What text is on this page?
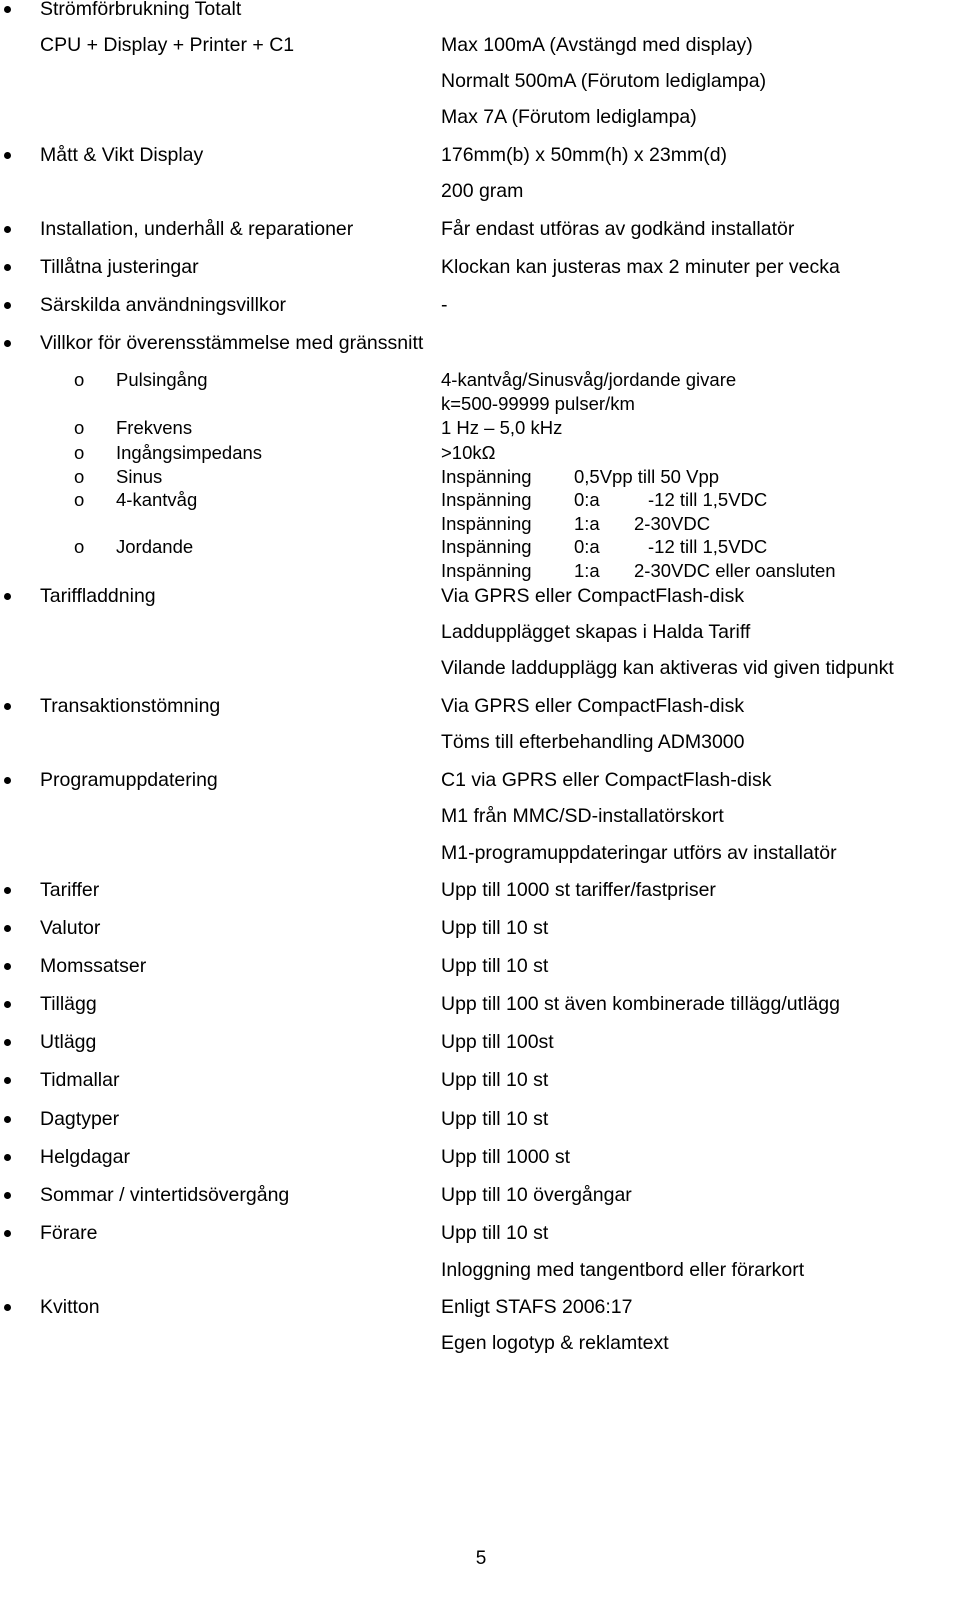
Strömförbrukning Totalt
CPU + Display + Printer + C1	Max 100mA (Avstängd med display)
Normalt 500mA (Förutom lediglampa)
Max 7A (Förutom lediglampa)
Mått & Vikt Display	176mm(b) x 50mm(h) x 23mm(d)
200 gram
Installation, underhåll & reparationer	Får endast utföras av godkänd installatör
Tillåtna justeringar	Klockan kan justeras max 2 minuter per vecka
Särskilda användningsvillkor	-
Villkor för överensstämmelse med gränssnitt
o Pulsingång	4-kantvåg/Sinusvåg/jordande givare
k=500-99999 pulser/km
o Frekvens	1 Hz – 5,0 kHz
o Ingångsimpedans	>10kΩ
o Sinus	Inspänning 0,5Vpp till 50 Vpp
o 4-kantvåg	Inspänning 0:a	-12 till 1,5VDC
Inspänning 1:a 2-30VDC
o Jordande	Inspänning 0:a	-12 till 1,5VDC
Inspänning 1:a 2-30VDC eller oansluten
Tariffladdning	Via GPRS eller CompactFlash-disk
Laddupplägget skapas i Halda Tariff
Vilande laddupplägg kan aktiveras vid given tidpunkt
Transaktionstömning	Via GPRS eller CompactFlash-disk
Töms till efterbehandling ADM3000
Programuppdatering	C1 via GPRS eller CompactFlash-disk
M1 från MMC/SD-installatörskort
M1-programuppdateringar utförs av installatör
Tariffer	Upp till 1000 st tariffer/fastpriser
Valutor	Upp till 10 st
Momssatser	Upp till 10 st
Tillägg	Upp till 100 st även kombinerade tillägg/utlägg
Utlägg	Upp till 100st
Tidmallar	Upp till 10 st
Dagtyper	Upp till 10 st
Helgdagar	Upp till 1000 st
Sommar / vintertidsövergång	Upp till 10 övergångar
Förare	Upp till 10 st
Inloggning med tangentbord eller förarkort
Kvitton	Enligt STAFS 2006:17
Egen logotyp & reklamtext
5
